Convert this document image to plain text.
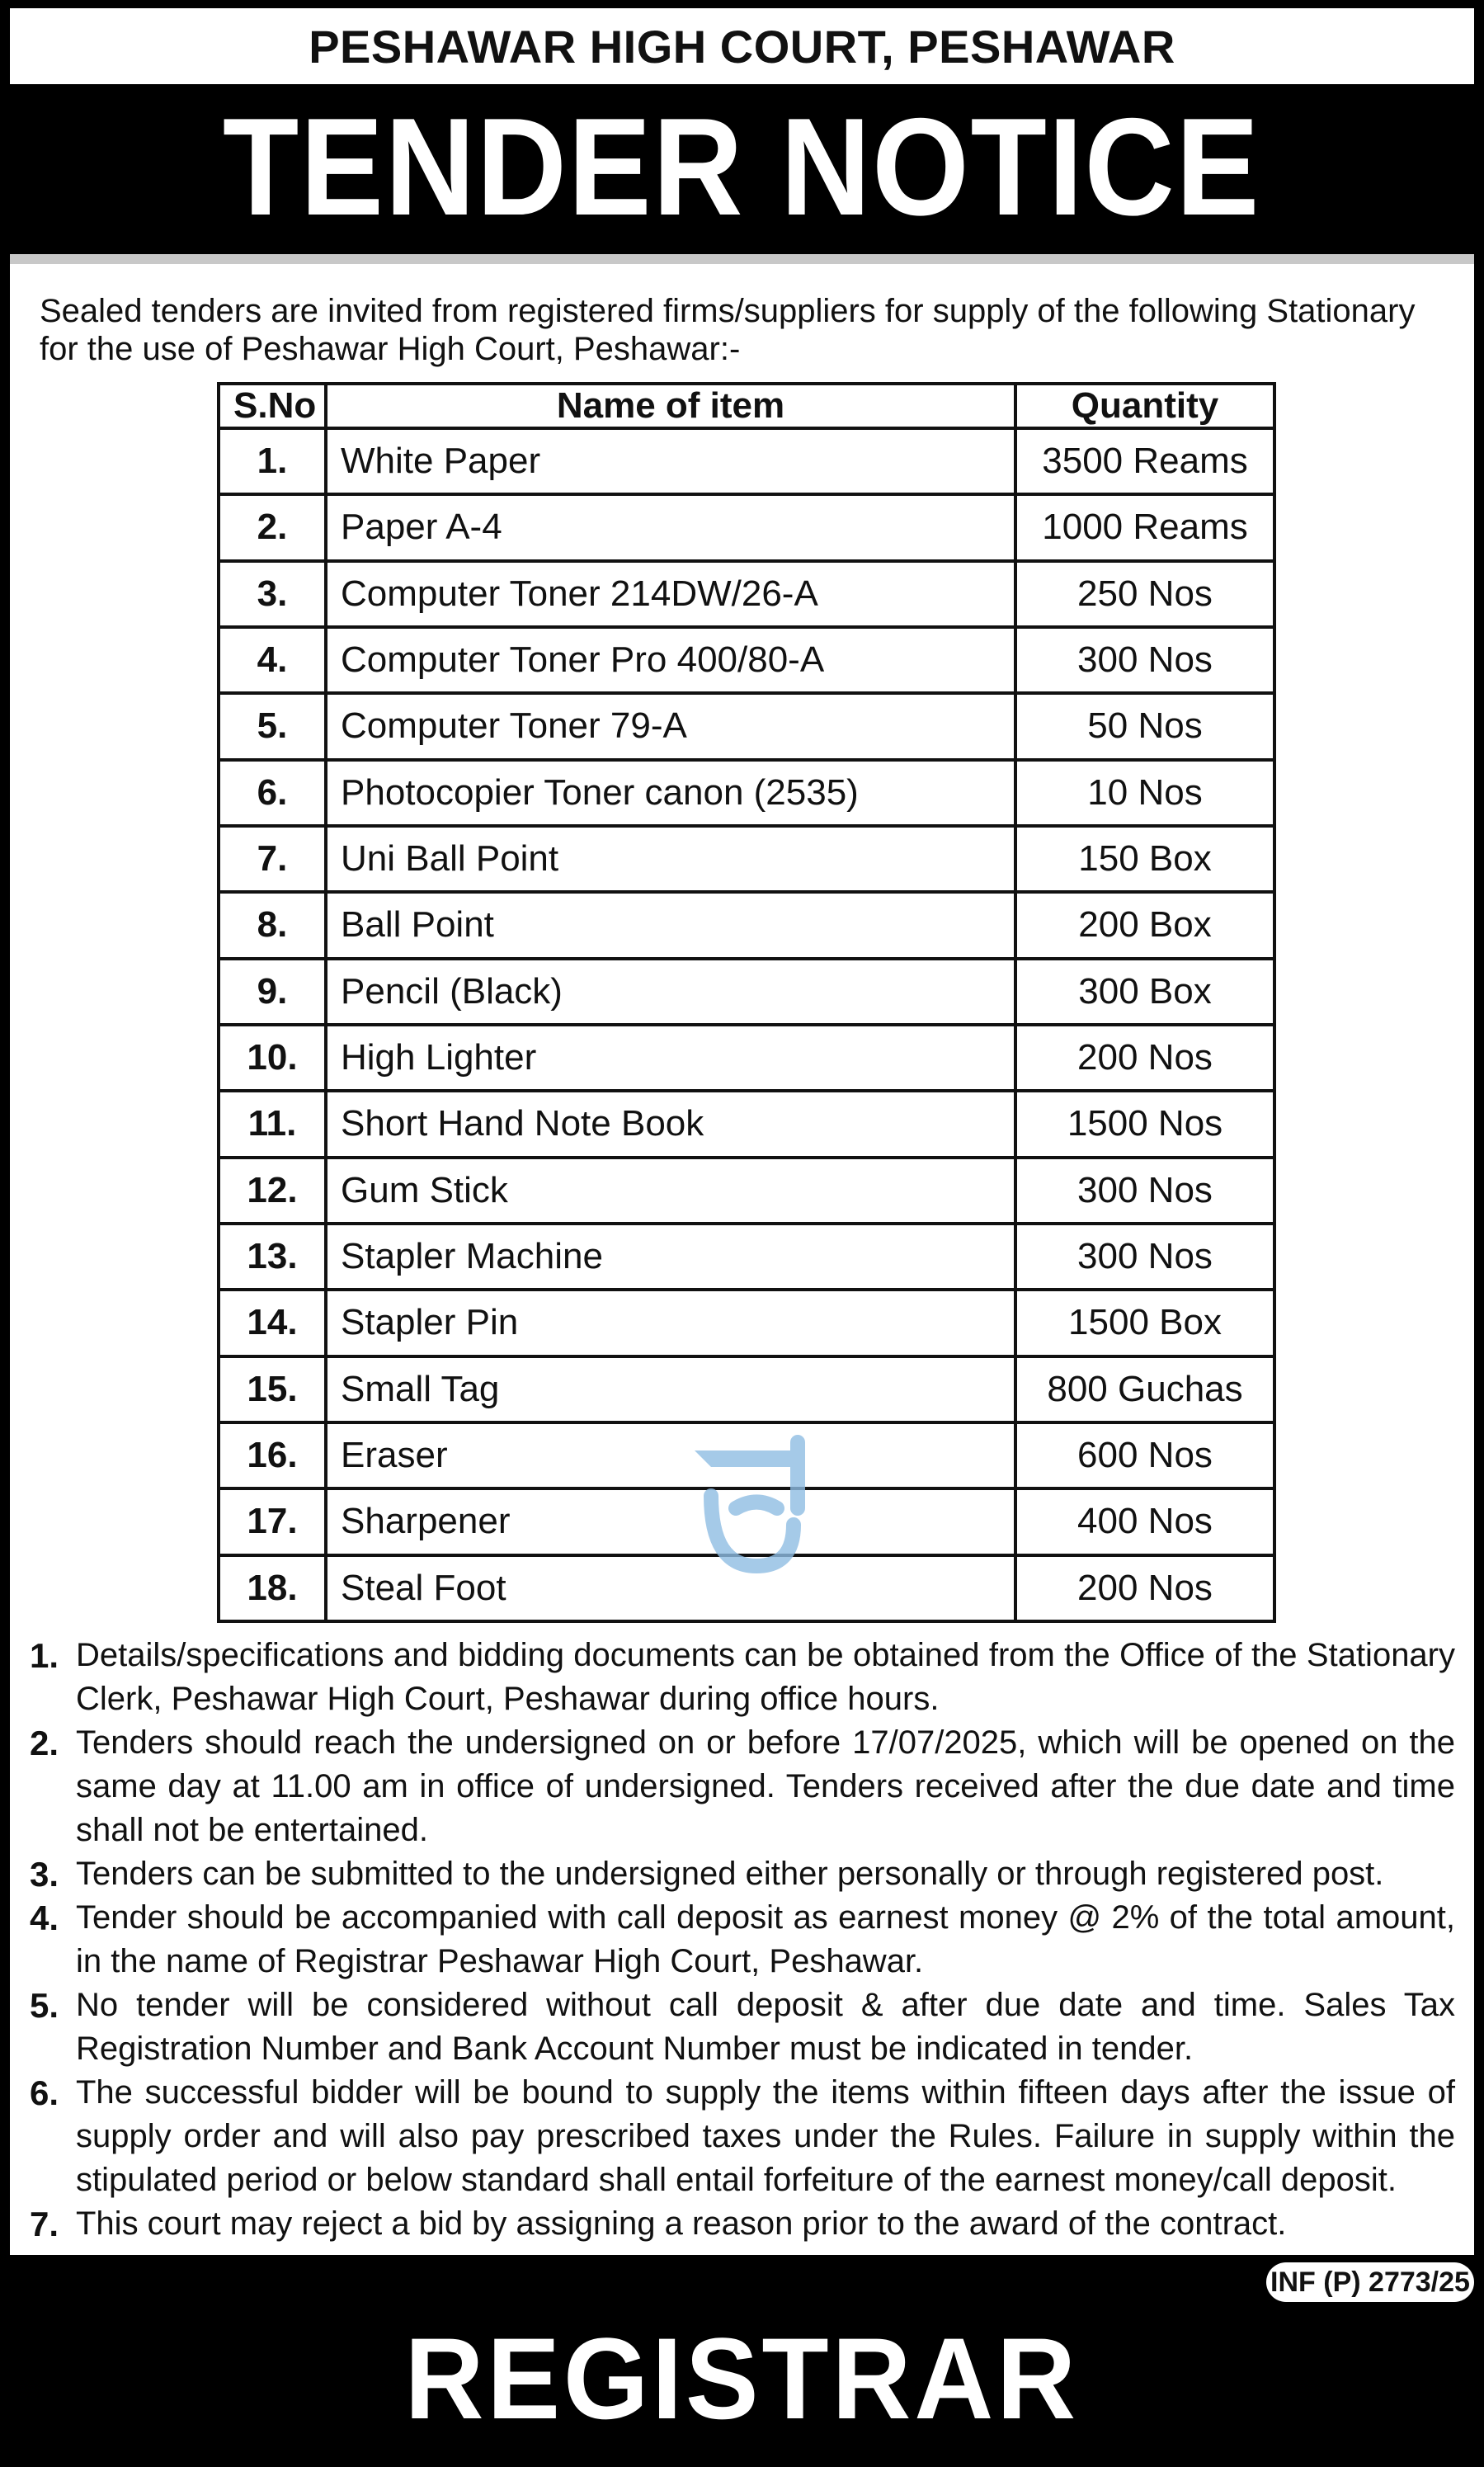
PESHAWAR HIGH COURT, PESHAWAR
TENDER NOTICE
Sealed tenders are invited from registered firms/suppliers for supply of the following Stationary for the use of Peshawar High Court, Peshawar:-
S.No	Name of item	Quantity
1.	White Paper	3500 Reams
2.	Paper A-4	1000 Reams
3.	Computer Toner 214DW/26-A	250 Nos
4.	Computer Toner Pro 400/80-A	300 Nos
5.	Computer Toner 79-A	50 Nos
6.	Photocopier Toner canon (2535)	10 Nos
7.	Uni Ball Point	150 Box
8.	Ball Point	200 Box
9.	Pencil (Black)	300 Box
10.	High Lighter	200 Nos
11.	Short Hand Note Book	1500 Nos
12.	Gum Stick	300 Nos
13.	Stapler Machine	300 Nos
14.	Stapler Pin	1500 Box
15.	Small Tag	800 Guchas
16.	Eraser	600 Nos
17.	Sharpener	400 Nos
18.	Steal Foot	200 Nos
1. Details/specifications and bidding documents can be obtained from the Office of the Stationary Clerk, Peshawar High Court, Peshawar during office hours.
2. Tenders should reach the undersigned on or before 17/07/2025, which will be opened on the same day at 11.00 am in office of undersigned. Tenders received after the due date and time shall not be entertained.
3. Tenders can be submitted to the undersigned either personally or through registered post.
4. Tender should be accompanied with call deposit as earnest money @ 2% of the total amount, in the name of Registrar Peshawar High Court, Peshawar.
5. No tender will be considered without call deposit & after due date and time. Sales Tax Registration Number and Bank Account Number must be indicated in tender.
6. The successful bidder will be bound to supply the items within fifteen days after the issue of supply order and will also pay prescribed taxes under the Rules. Failure in supply within the stipulated period or below standard shall entail forfeiture of the earnest money/call deposit.
7. This court may reject a bid by assigning a reason prior to the award of the contract.
INF (P) 2773/25
REGISTRAR
